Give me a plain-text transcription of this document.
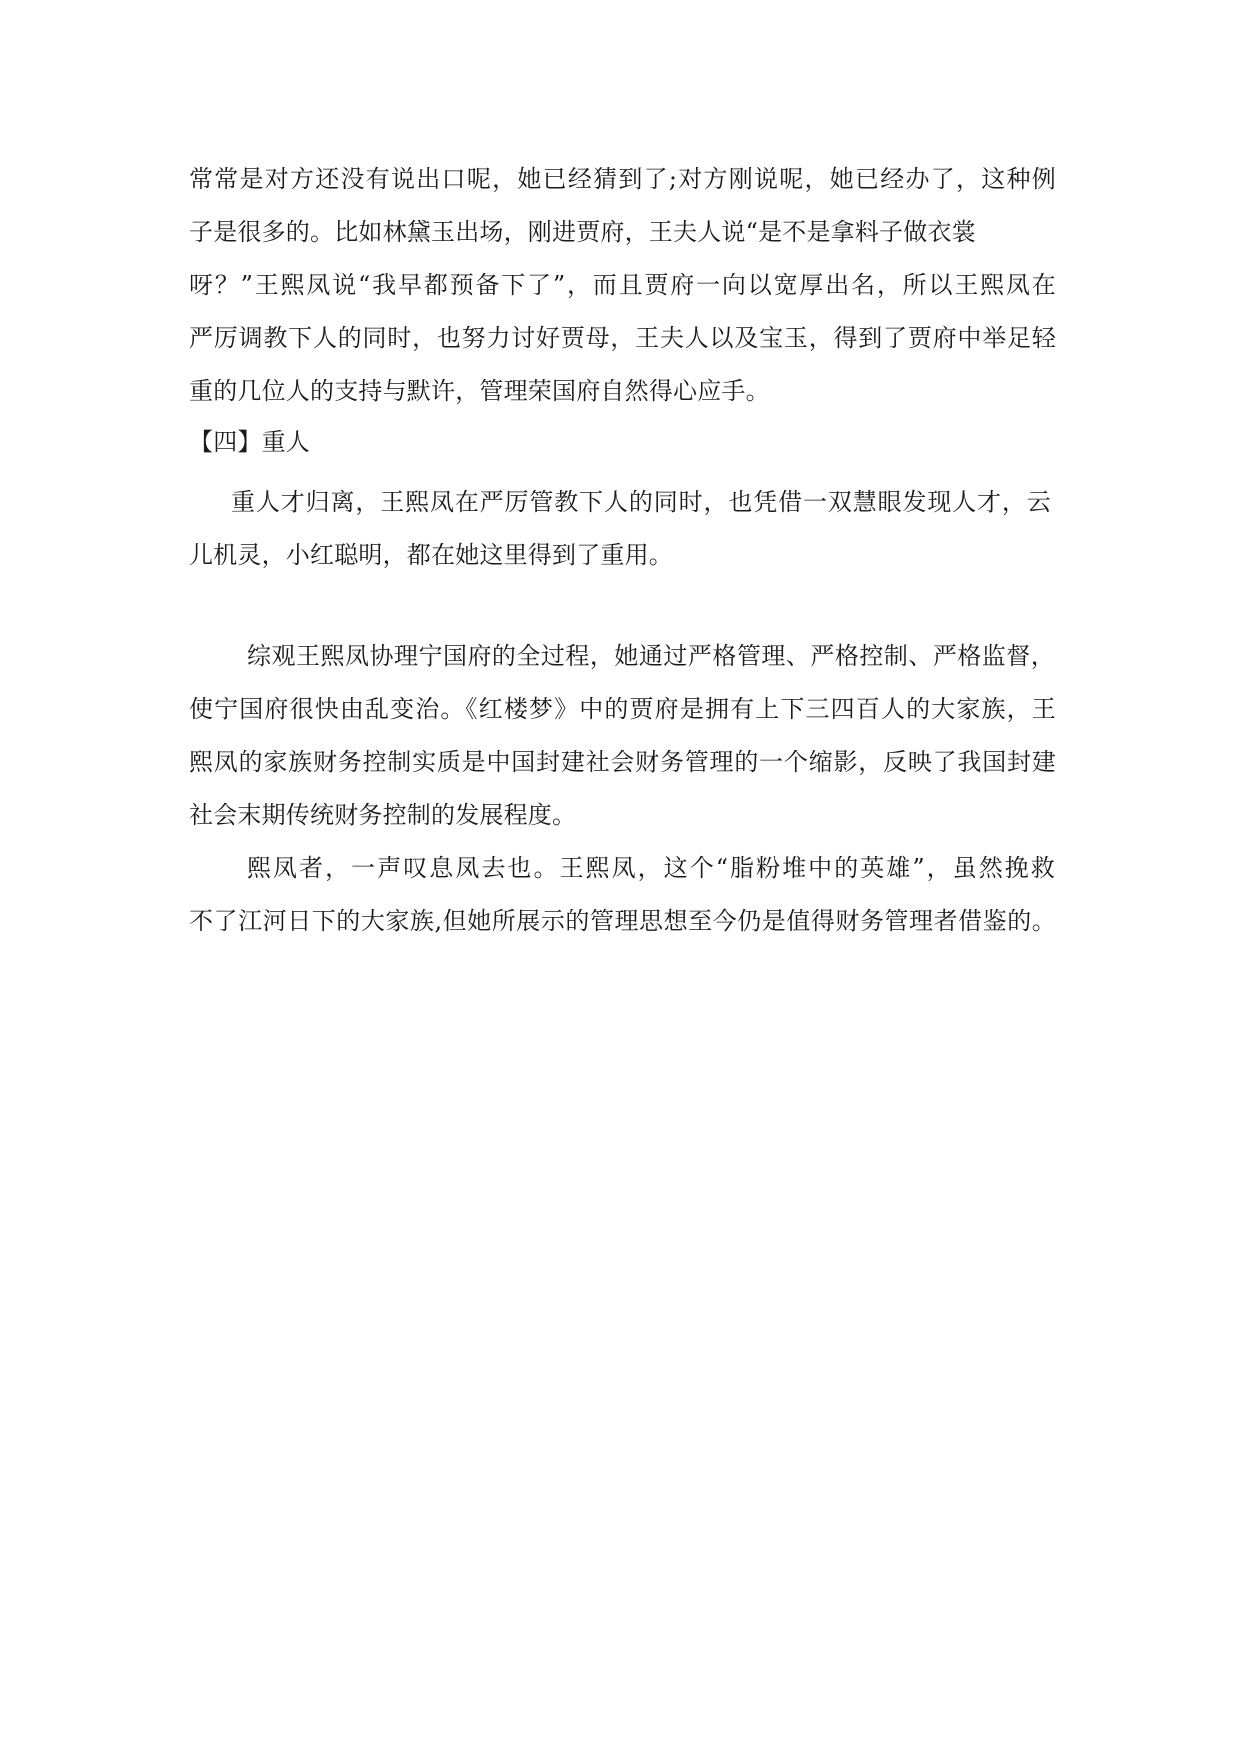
常常是对方还没有说出口呢，她已经猜到了;对方刚说呢，她已经办了，这种例
子是很多的。比如林黛玉出场，刚进贾府，王夫人说“是不是拿料子做衣裳
呀？”王熙凤说“我早都预备下了”，而且贾府一向以宽厚出名，所以王熙凤在
严厉调教下人的同时，也努力讨好贾母，王夫人以及宝玉，得到了贾府中举足轻
重的几位人的支持与默许，管理荣国府自然得心应手。
【四】重人
重人才归离，王熙凤在严厉管教下人的同时，也凭借一双慧眼发现人才，云
儿机灵，小红聪明，都在她这里得到了重用。
综观王熙凤协理宁国府的全过程，她通过严格管理、严格控制、严格监督，
使宁国府很快由乱变治。《红楼梦》中的贾府是拥有上下三四百人的大家族，王
熙凤的家族财务控制实质是中国封建社会财务管理的一个缩影，反映了我国封建
社会末期传统财务控制的发展程度。
熙凤者，一声叹息凤去也。王熙凤，这个“脂粉堆中的英雄”，虽然挽救
不了江河日下的大家族,但她所展示的管理思想至今仍是值得财务管理者借鉴的。
